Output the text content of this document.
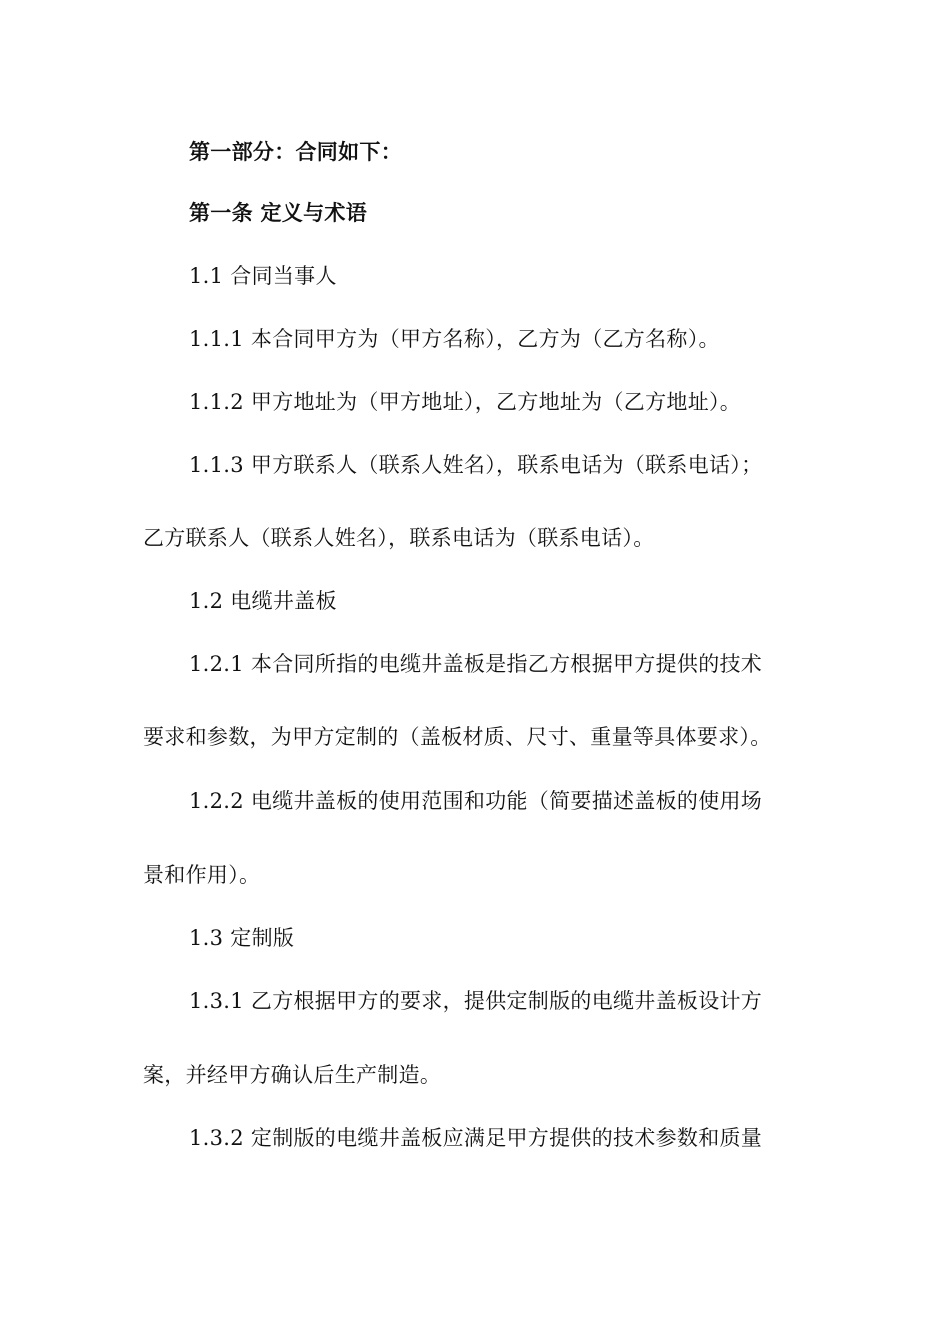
第一部分：合同如下：

第一条 定义与术语

1.1 合同当事人

1.1.1 本合同甲方为（甲方名称），乙方为（乙方名称）。

1.1.2 甲方地址为（甲方地址），乙方地址为（乙方地址）。

1.1.3 甲方联系人（联系人姓名），联系电话为（联系电话）；

乙方联系人（联系人姓名），联系电话为（联系电话）。

1.2 电缆井盖板

1.2.1 本合同所指的电缆井盖板是指乙方根据甲方提供的技术

要求和参数，为甲方定制的（盖板材质、尺寸、重量等具体要求）。

1.2.2 电缆井盖板的使用范围和功能（简要描述盖板的使用场

景和作用）。

1.3 定制版

1.3.1 乙方根据甲方的要求，提供定制版的电缆井盖板设计方

案，并经甲方确认后生产制造。

1.3.2 定制版的电缆井盖板应满足甲方提供的技术参数和质量
